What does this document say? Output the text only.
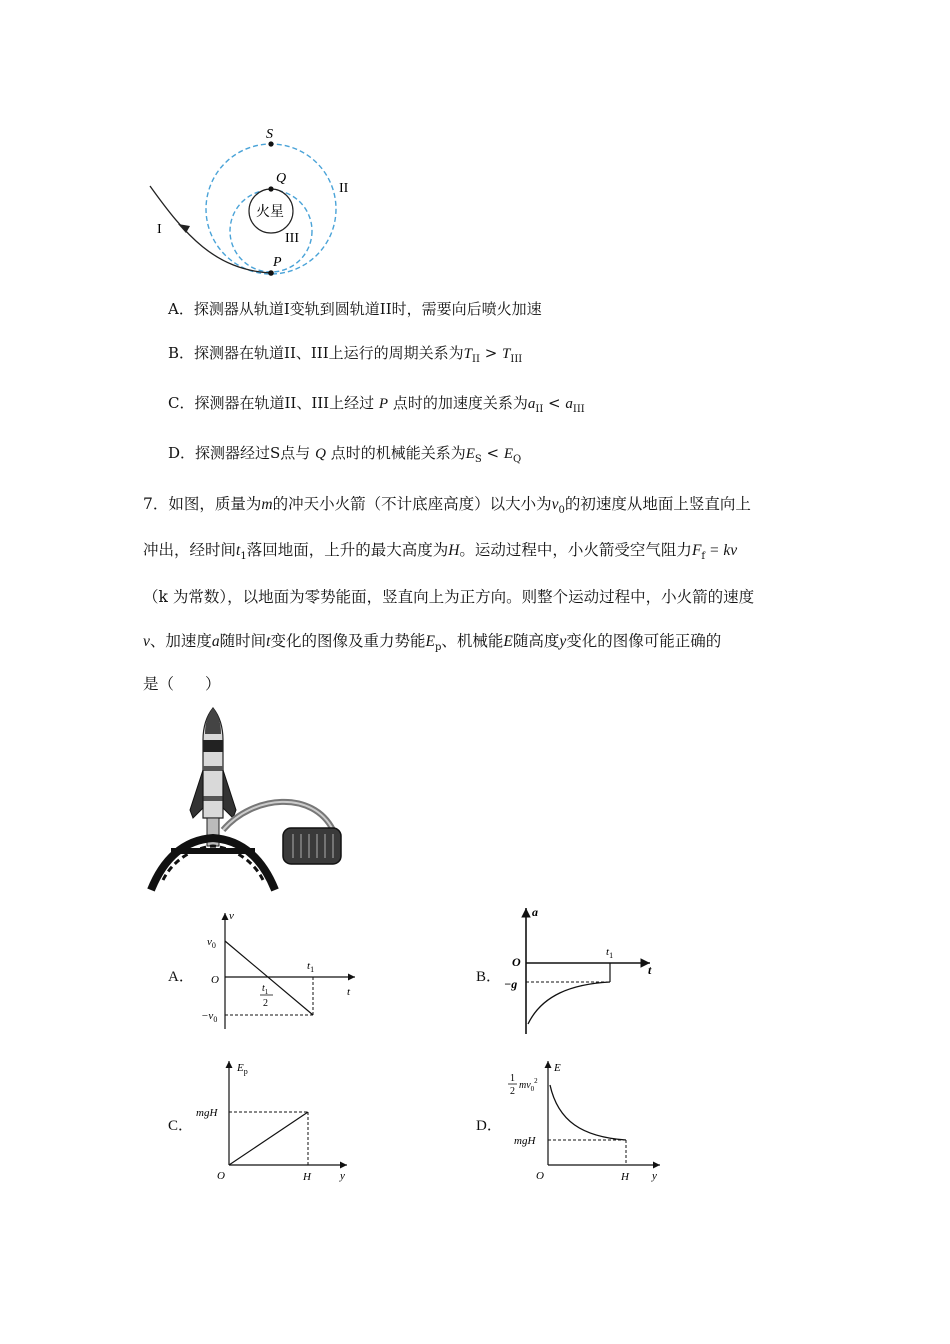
S
Q
P
I
II
III
火星
A．探测器从轨道I变轨到圆轨道II时，需要向后喷火加速
B．探测器在轨道II、III上运行的周期关系为$T_{II} > T_{III}$
C．探测器在轨道II、III上经过 P 点时的加速度关系为$a_{II} < a_{III}$
D．探测器经过S点与 Q 点时的机械能关系为$E_S < E_Q$
7．如图，质量为m的冲天小火箭（不计底座高度）以大小为$v_0$的初速度从地面上竖直向上
冲出，经时间$t_1$落回地面，上升的最大高度为H。运动过程中，小火箭受空气阻力$F_f$ = kv
（k 为常数），以地面为零势能面，竖直向上为正方向。则整个运动过程中，小火箭的速度
v、加速度a随时间t变化的图像及重力势能$E_p$、机械能E随高度y变化的图像可能正确的
是（　　）
A．
v
$v_0$
O
$t_1$
t
$t_1$
2
$-v_0$
B．
a
O
−g
$t_1$
t
C．
$E_p$
mgH
O	H	y
D．
E
1
2
$mv_0^2$
mgH
O	H y
